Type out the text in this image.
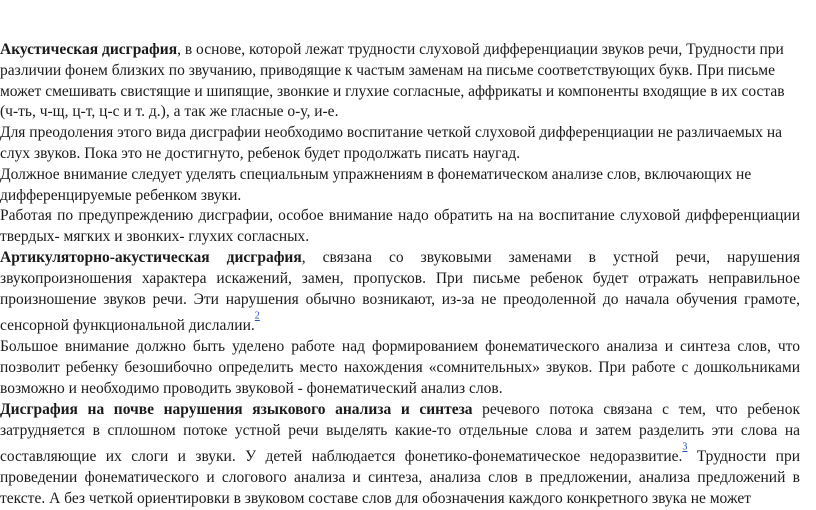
Акустическая дисграфия, в основе, которой лежат трудности слуховой дифференциации звуков речи, Трудности при различии фонем близких по звучанию, приводящие к частым заменам на письме соответствующих букв. При письме может смешивать свистящие и шипящие, звонкие и глухие согласные, аффрикаты и компоненты входящие в их состав (ч-ть, ч-щ, ц-т, ц-с и т. д.), а так же гласные о-у, и-е.

Для преодоления этого вида дисграфии необходимо воспитание четкой слуховой дифференциации не различаемых на слух звуков. Пока это не достигнуто, ребенок будет продолжать писать наугад.

Должное внимание следует уделять специальным упражнениям в фонематическом анализе слов, включающих не дифференцируемые ребенком звуки.

Работая по предупреждению дисграфии, особое внимание надо обратить на на воспитание слуховой дифференциации твердых- мягких и звонких- глухих согласных.

Артикуляторно-акустическая дисграфия, связана со звуковыми заменами в устной речи, нарушения звукопроизношения характера искажений, замен, пропусков. При письме ребенок будет отражать неправильное произношение звуков речи. Эти нарушения обычно возникают, из-за не преодоленной до начала обучения грамоте, сенсорной функциональной дислалии.$^{^2}$

Большое внимание должно быть уделено работе над формированием фонематического анализа и синтеза слов, что позволит ребенку безошибочно определить место нахождения «сомнительных» звуков. При работе с дошкольниками возможно и необходимо проводить звуковой - фонематический анализ слов.

Дисграфия на почве нарушения языкового анализа и синтеза речевого потока связана с тем, что ребенок затрудняется в сплошном потоке устной речи выделять какие-то отдельные слова и затем разделить эти слова на составляющие их слоги и звуки. У детей наблюдается фонетико-фонематическое недоразвитие.$^{^3}$ Трудности при проведении фонематического и слогового анализа и синтеза, анализа слов в предложении, анализа предложений в тексте. А без четкой ориентировки в звуковом составе слов для обозначения каждого конкретного звука не может
